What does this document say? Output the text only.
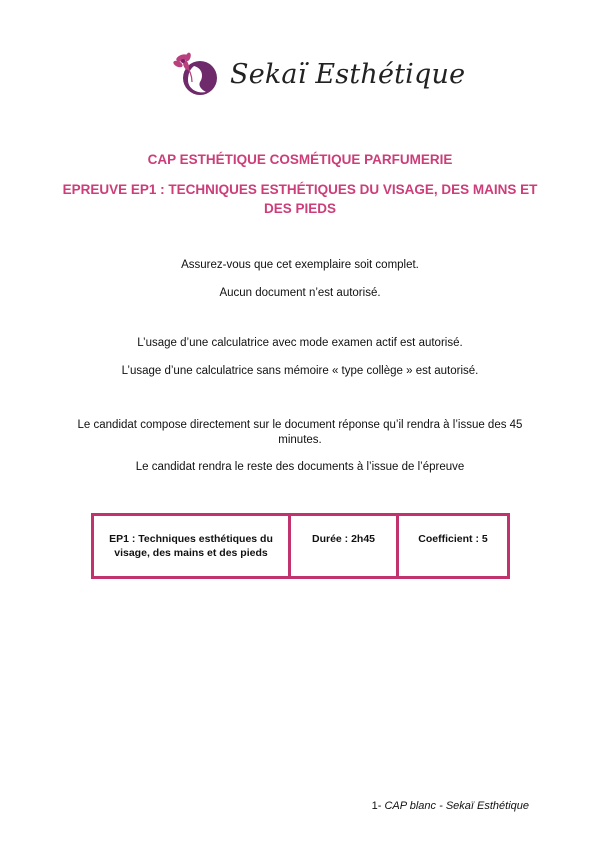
Sekaï Esthétique

CAP ESTHÉTIQUE COSMÉTIQUE PARFUMERIE

EPREUVE EP1 : TECHNIQUES ESTHÉTIQUES DU VISAGE, DES MAINS ET DES PIEDS

Assurez-vous que cet exemplaire soit complet.

Aucun document n’est autorisé.

L’usage d’une calculatrice avec mode examen actif est autorisé.

L’usage d’une calculatrice sans mémoire « type collège » est autorisé.

Le candidat compose directement sur le document réponse qu’il rendra à l’issue des 45 minutes.

Le candidat rendra le reste des documents à l’issue de l’épreuve

EP1 : Techniques esthétiques du visage, des mains et des pieds
Durée : 2h45	Coefficient : 5
1- CAP blanc - Sekaï Esthétique
